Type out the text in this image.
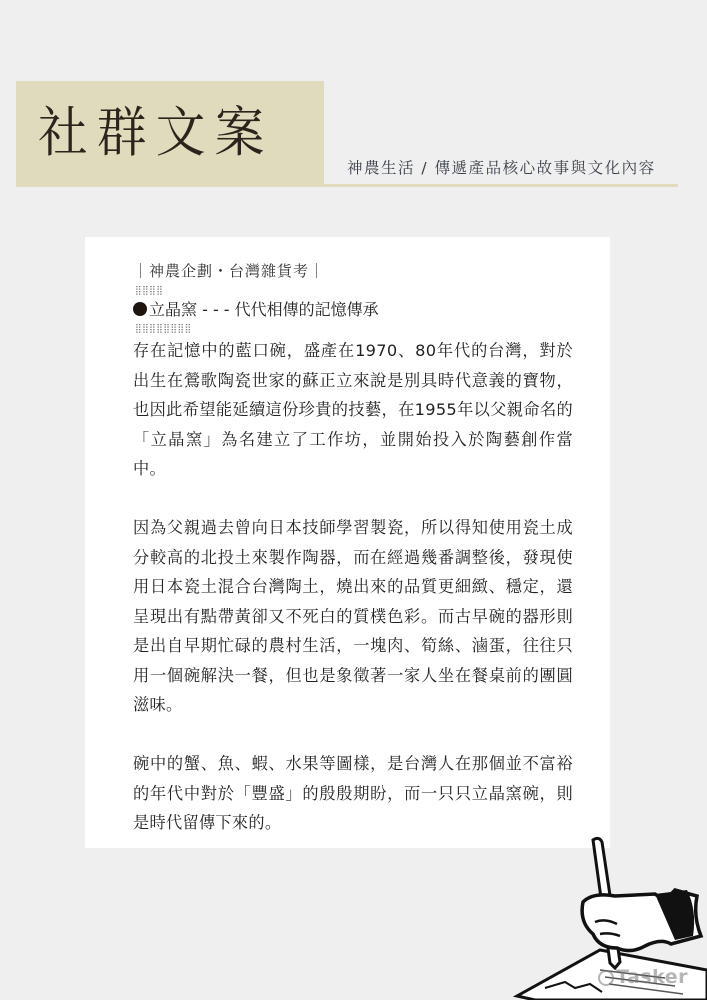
社群文案
神農生活 / 傳遞產品核心故事與文化內容
｜神農企劃・台灣雜貨考｜
⣿⣿⣿⣿
立晶窯 - - - 代代相傳的記憶傳承
⣿⣿⣿⣿⣿⣿⣿⣿

存在記憶中的藍口碗，盛產在1970、80年代的台灣，對於出生在鶯歌陶瓷世家的蘇正立來說是別具時代意義的寶物，也因此希望能延續這份珍貴的技藝，在1955年以父親命名的「立晶窯」為名建立了工作坊，並開始投入於陶藝創作當中。

因為父親過去曾向日本技師學習製瓷，所以得知使用瓷土成分較高的北投土來製作陶器，而在經過幾番調整後，發現使用日本瓷土混合台灣陶土，燒出來的品質更細緻、穩定，還呈現出有點帶黃卻又不死白的質樸色彩。而古早碗的器形則是出自早期忙碌的農村生活，一塊肉、筍絲、滷蛋，往往只用一個碗解決一餐，但也是象徵著一家人坐在餐桌前的團圓滋味。

碗中的蟹、魚、蝦、水果等圖樣，是台灣人在那個並不富裕的年代中對於「豐盛」的殷殷期盼，而一只只立晶窯碗，則是時代留傳下來的。

Tasker
